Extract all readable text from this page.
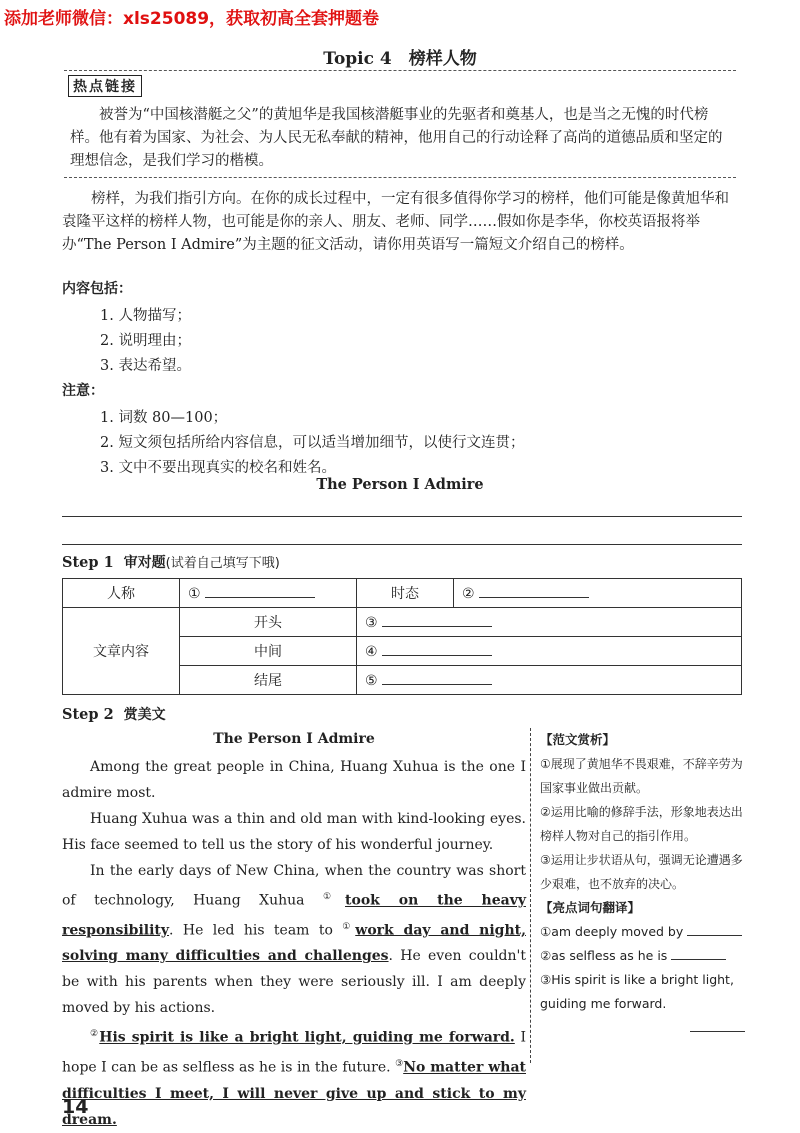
添加老师微信：xls25089，获取初高全套押题卷
Topic 4　榜样人物
热点链接
被誉为“中国核潜艇之父”的黄旭华是我国核潜艇事业的先驱者和奠基人，也是当之无愧的时代榜样。他有着为国家、为社会、为人民无私奉献的精神，他用自己的行动诠释了高尚的道德品质和坚定的理想信念，是我们学习的楷模。
榜样，为我们指引方向。在你的成长过程中，一定有很多值得你学习的榜样，他们可能是像黄旭华和袁隆平这样的榜样人物，也可能是你的亲人、朋友、老师、同学……假如你是李华，你校英语报将举办“The Person I Admire”为主题的征文活动，请你用英语写一篇短文介绍自己的榜样。
内容包括：
1. 人物描写；
2. 说明理由；
3. 表达希望。
注意：
1. 词数 80—100；
2. 短文须包括所给内容信息，可以适当增加细节，以使行文连贯；
3. 文中不要出现真实的校名和姓名。
The Person I Admire
Step 1 审对题(试着自己填写下哦)
人称	①	时态	②
文章内容	开头	③	
	中间	④	
	结尾	⑤	
Step 2 赏美文

The Person I Admire

Among the great people in China, Huang Xuhua is the one I admire most.

Huang Xuhua was a thin and old man with kind-looking eyes. His face seemed to tell us the story of his wonderful journey.

In the early days of New China, when the country was short of technology, Huang Xuhua ①took on the heavy responsibility. He led his team to ①work day and night, solving many difficulties and challenges. He even couldn't be with his parents when they were seriously ill. I am deeply moved by his actions.

②His spirit is like a bright light, guiding me forward. I hope I can be as selfless as he is in the future. ③No matter what difficulties I meet, I will never give up and stick to my dream.

【范文赏析】
①展现了黄旭华不畏艰难，不辞辛劳为国家事业做出贡献。
②运用比喻的修辞手法，形象地表达出榜样人物对自己的指引作用。
③运用让步状语从句，强调无论遭遇多少艰难，也不放弃的决心。
【亮点词句翻译】
①am deeply moved by
②as selfless as he is
③His spirit is like a bright light, guiding me forward.
14
